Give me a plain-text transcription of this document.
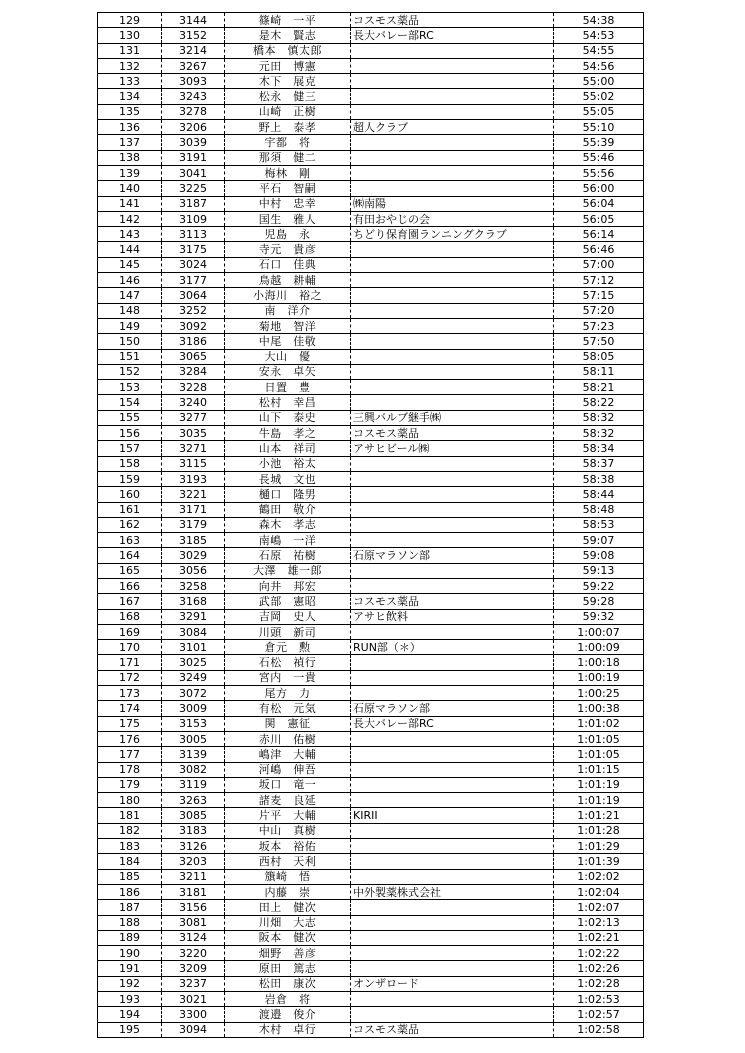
129	3144	篠崎　一平	コスモス薬品	54:38
130	3152	是木　賢志	長大バレー部RC	54:53
131	3214	橋本　慎太郎		54:55
132	3267	元田　博憲		54:56
133	3093	木下　展克		55:00
134	3243	松永　健三		55:02
135	3278	山崎　正樹		55:05
136	3206	野上　泰孝	超人クラブ	55:10
137	3039	宇都　将		55:39
138	3191	那須　健二		55:46
139	3041	梅林　剛		55:56
140	3225	平石　智嗣		56:00
141	3187	中村　忠幸	㈱南陽	56:04
142	3109	国生　雅人	有田おやじの会	56:05
143	3113	児島　永	ちどり保育園ランニングクラブ	56:14
144	3175	寺元　貴彦		56:46
145	3024	石口　佳典		57:00
146	3177	鳥越　耕輔		57:12
147	3064	小海川　裕之		57:15
148	3252	南　洋介		57:20
149	3092	菊地　智洋		57:23
150	3186	中尾　佳敬		57:50
151	3065	大山　優		58:05
152	3284	安永　卓矢		58:11
153	3228	日置　豊		58:21
154	3240	松村　幸昌		58:22
155	3277	山下　泰史	三興バルブ継手㈱	58:32
156	3035	牛島　孝之	コスモス薬品	58:32
157	3271	山本　祥司	アサヒビール㈱	58:34
158	3115	小池　裕太		58:37
159	3193	長城　文也		58:38
160	3221	樋口　隆男		58:44
161	3171	鶴田　敬介		58:48
162	3179	森木　孝志		58:53
163	3185	南嶋　一洋		59:07
164	3029	石原　祐樹	石原マラソン部	59:08
165	3056	大澤　雄一郎		59:13
166	3258	向井　邦宏		59:22
167	3168	武部　憲昭	コスモス薬品	59:28
168	3291	吉岡　史人	アサヒ飲料	59:32
169	3084	川頭　新司		1:00:07
170	3101	倉元　勲	RUN部（＊）	1:00:09
171	3025	石松　禎行		1:00:18
172	3249	宮内　一貴		1:00:19
173	3072	尾方　力		1:00:25
174	3009	有松　元気	石原マラソン部	1:00:38
175	3153	関　憲征	長大バレー部RC	1:01:02
176	3005	赤川　佑樹		1:01:05
177	3139	嶋津　大輔		1:01:05
178	3082	河嶋　伸吾		1:01:15
179	3119	坂口　竜一		1:01:19
180	3263	諸麦　良延		1:01:19
181	3085	片平　大輔	KIRII	1:01:21
182	3183	中山　真樹		1:01:28
183	3126	坂本　裕佑		1:01:29
184	3203	西村　天利		1:01:39
185	3211	籏崎　悟		1:02:02
186	3181	内藤　崇	中外製薬株式会社	1:02:04
187	3156	田上　健次		1:02:07
188	3081	川畑　大志		1:02:13
189	3124	阪本　健次		1:02:21
190	3220	畑野　善彦		1:02:22
191	3209	原田　篤志		1:02:26
192	3237	松田　康次	オンザロード	1:02:28
193	3021	岩倉　将		1:02:53
194	3300	渡邉　俊介		1:02:57
195	3094	木村　卓行	コスモス薬品	1:02:58
